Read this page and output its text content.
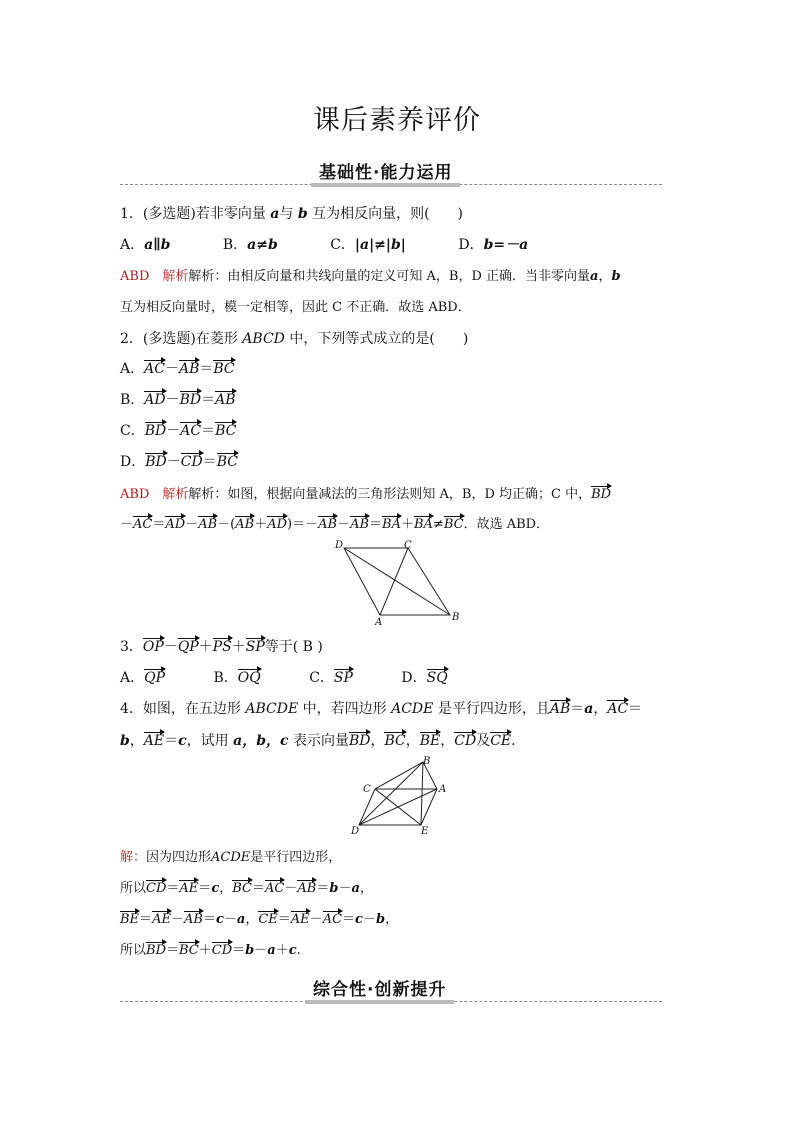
课后素养评价
基础性·能力运用
1．(多选题)若非零向量 a与 b 互为相反向量，则(　　)
A．a∥b	B．a≠b	C．|a|≠|b|	D．b=－a
ABD　 解析解析：由相反向量和共线向量的定义可知 A，B，D 正确．当非零向量a，b
互为相反向量时，模一定相等，因此 C 不正确．故选 ABD．
2．(多选题)在菱形 ABCD 中，下列等式成立的是(　　)
A．AC－AB＝BC
B．AD－BD＝AB
C．BD－AC＝BC
D．BD－CD＝BC
ABD　 解析解析：如图，根据向量减法的三角形法则知 A，B，D 均正确；C 中，BD
－AC＝AD－AB－(AB＋AD)＝－AB－AB＝BA＋BA≠BC．故选 ABD．
D	C
A	B
3．OP－QP＋PS＋SP等于( B )
A．QP	B．OQ	C．SP	D．SQ
4．如图，在五边形 ABCDE 中，若四边形 ACDE 是平行四边形，且AB＝a，AC＝
b，AE＝c，试用 a，b，c 表示向量BD，BC，BE，CD及CE．
B
C	A
D	E
解：因为四边形ACDE是平行四边形，
所以CD＝AE＝c，BC＝AC－AB＝b－a，
BE＝AE－AB＝c－a，CE＝AE－AC＝c－b，
所以BD＝BC＋CD＝b－a＋c.
综合性·创新提升
